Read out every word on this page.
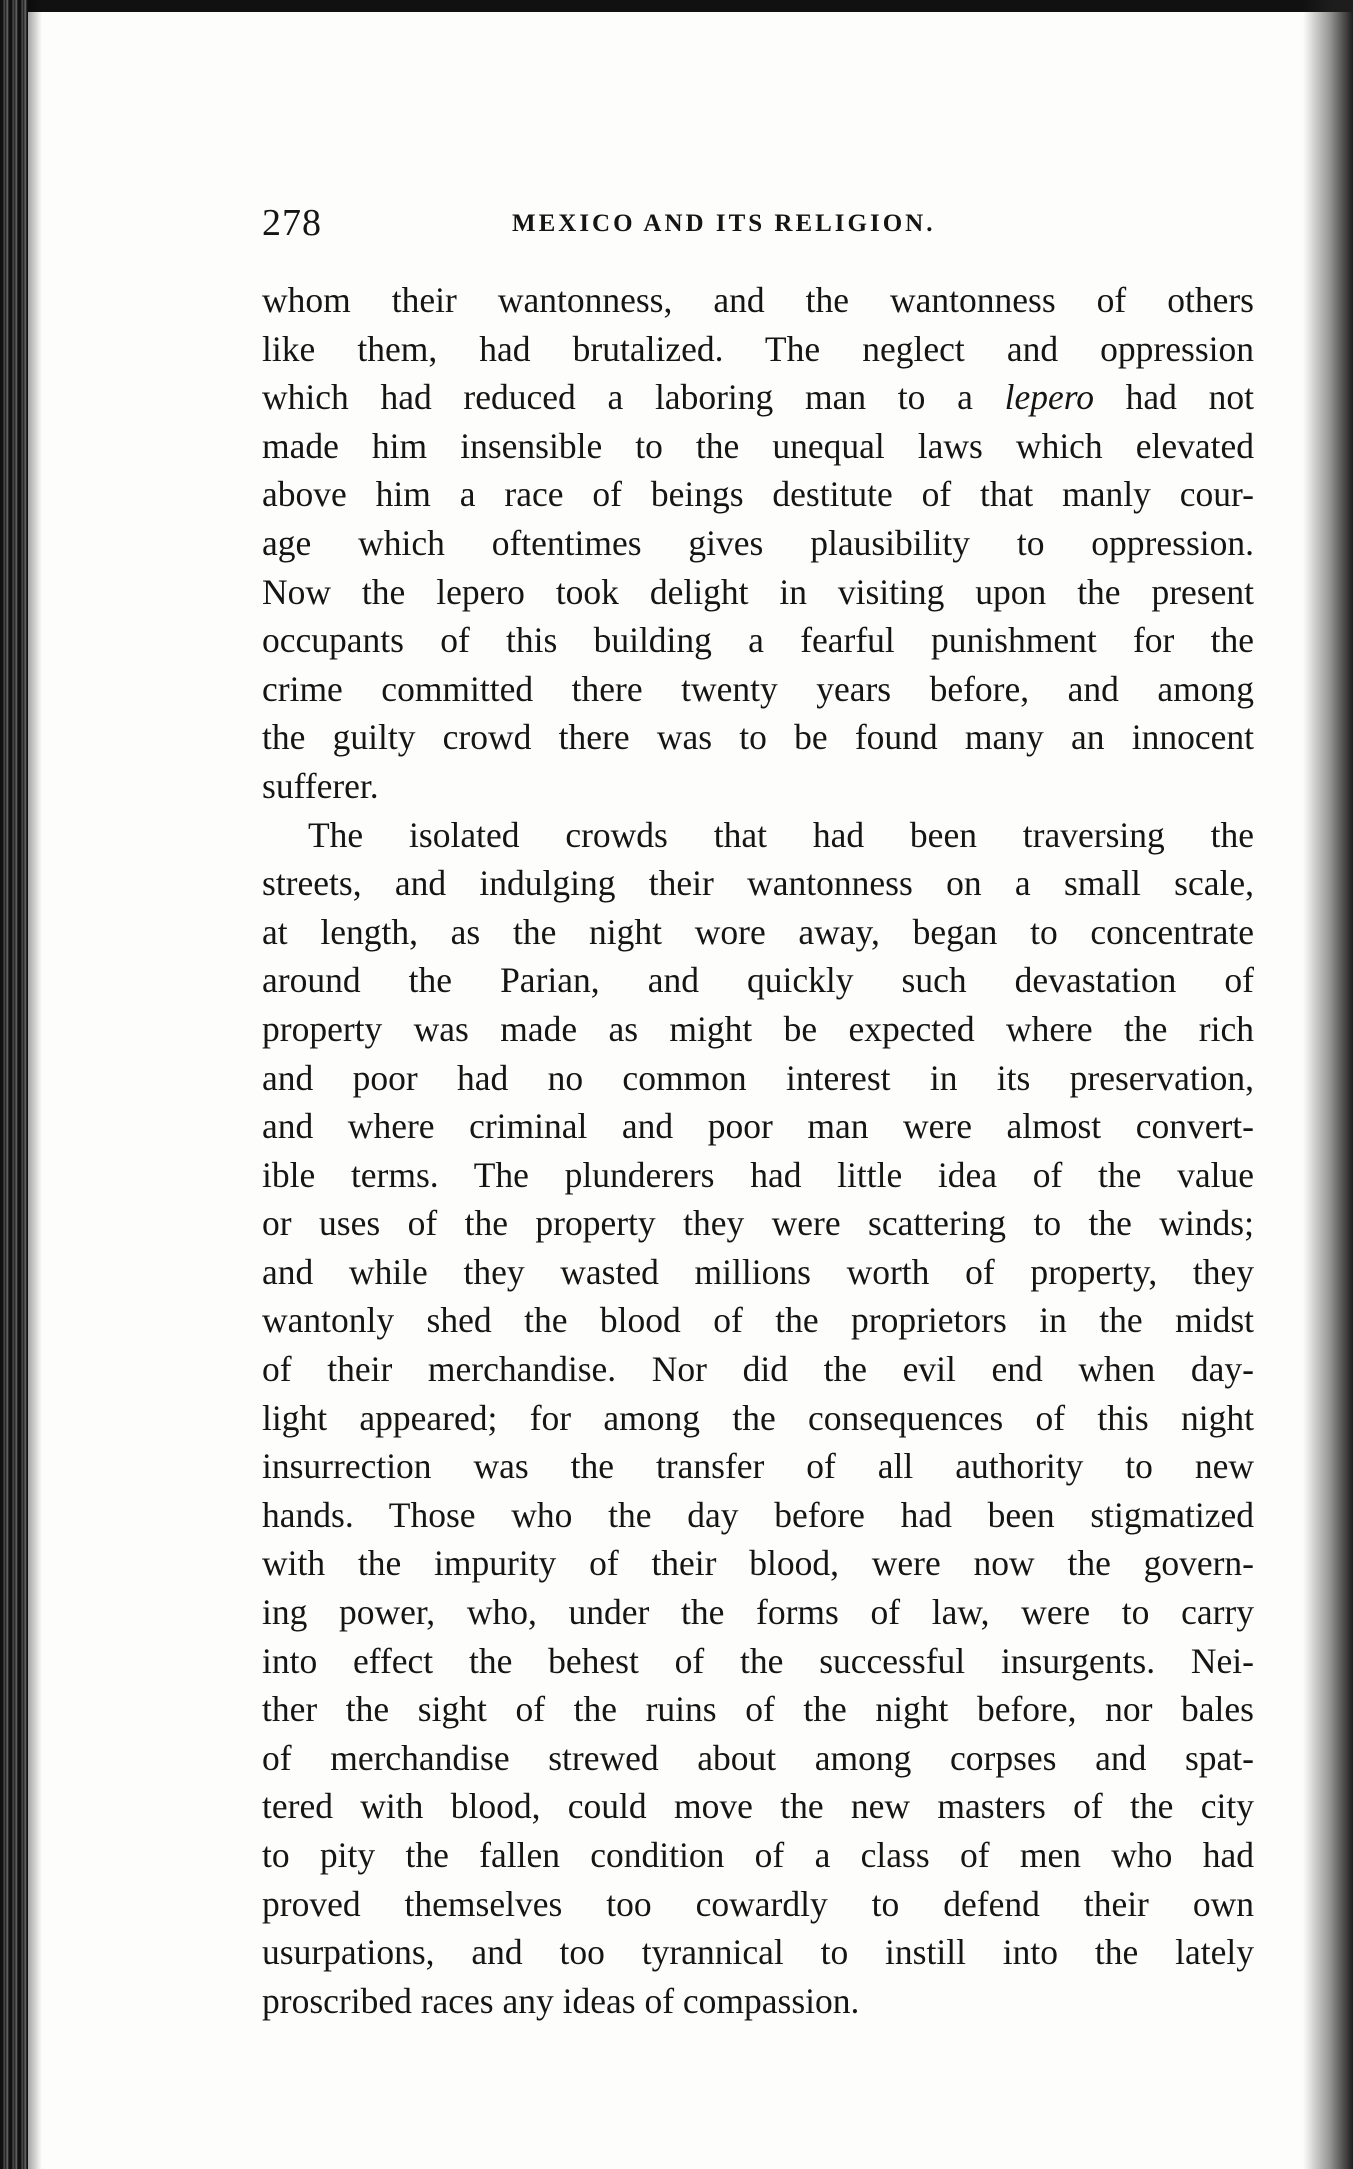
278	MEXICO AND ITS RELIGION.
whom their wantonness, and the wantonness of others
like them, had brutalized. The neglect and oppression
which had reduced a laboring man to a lepero had not
made him insensible to the unequal laws which elevated
above him a race of beings destitute of that manly cour-
age which oftentimes gives plausibility to oppression.
Now the lepero took delight in visiting upon the present
occupants of this building a fearful punishment for the
crime committed there twenty years before, and among
the guilty crowd there was to be found many an innocent
sufferer.
The isolated crowds that had been traversing the
streets, and indulging their wantonness on a small scale,
at length, as the night wore away, began to concentrate
around the Parian, and quickly such devastation of
property was made as might be expected where the rich
and poor had no common interest in its preservation,
and where criminal and poor man were almost convert-
ible terms. The plunderers had little idea of the value
or uses of the property they were scattering to the winds;
and while they wasted millions worth of property, they
wantonly shed the blood of the proprietors in the midst
of their merchandise. Nor did the evil end when day-
light appeared; for among the consequences of this night
insurrection was the transfer of all authority to new
hands. Those who the day before had been stigmatized
with the impurity of their blood, were now the govern-
ing power, who, under the forms of law, were to carry
into effect the behest of the successful insurgents. Nei-
ther the sight of the ruins of the night before, nor bales
of merchandise strewed about among corpses and spat-
tered with blood, could move the new masters of the city
to pity the fallen condition of a class of men who had
proved themselves too cowardly to defend their own
usurpations, and too tyrannical to instill into the lately
proscribed races any ideas of compassion.
